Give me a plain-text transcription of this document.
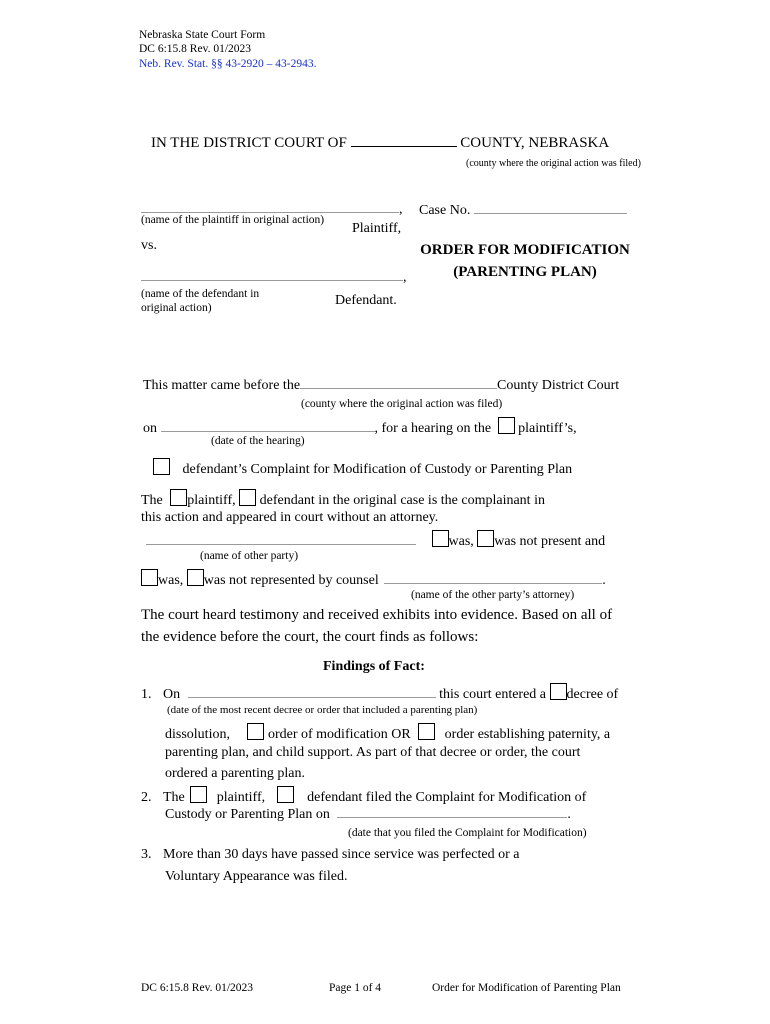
Nebraska State Court Form
DC 6:15.8 Rev. 01/2023
Neb. Rev. Stat. §§ 43-2920 – 43-2943.
IN THE DISTRICT COURT OF	COUNTY, NEBRASKA
(county where the original action was filed)
,
(name of the plaintiff in original action)
Plaintiff,
Case No.
vs.	ORDER FOR MODIFICATION
(PARENTING PLAN)
,
(name of the defendant in
original action)	Defendant.
This matter came before the	County District Court
(county where the original action was filed)
on	, for a hearing on the plaintiff’s,
(date of the hearing)
defendant’s Complaint for Modification of Custody or Parenting Plan
The plaintiff, defendant in the original case is the complainant in
this action and appeared in court without an attorney.
was, was not present and
(name of other party)
was, was not represented by counsel	.
(name of the other party’s attorney)
The court heard testimony and received exhibits into evidence. Based on all of
the evidence before the court, the court finds as follows:
Findings of Fact:
1. On	this court entered a decree of
(date of the most recent decree or order that included a parenting plan)
dissolution,	order of modification OR order establishing paternity, a
parenting plan, and child support. As part of that decree or order, the court
ordered a parenting plan.
2. The plaintiff,	defendant filed the Complaint for Modification of
Custody or Parenting Plan on	.
(date that you filed the Complaint for Modification)
3. More than 30 days have passed since service was perfected or a
Voluntary Appearance was filed.
DC 6:15.8 Rev. 01/2023	Page 1 of 4	Order for Modification of Parenting Plan
